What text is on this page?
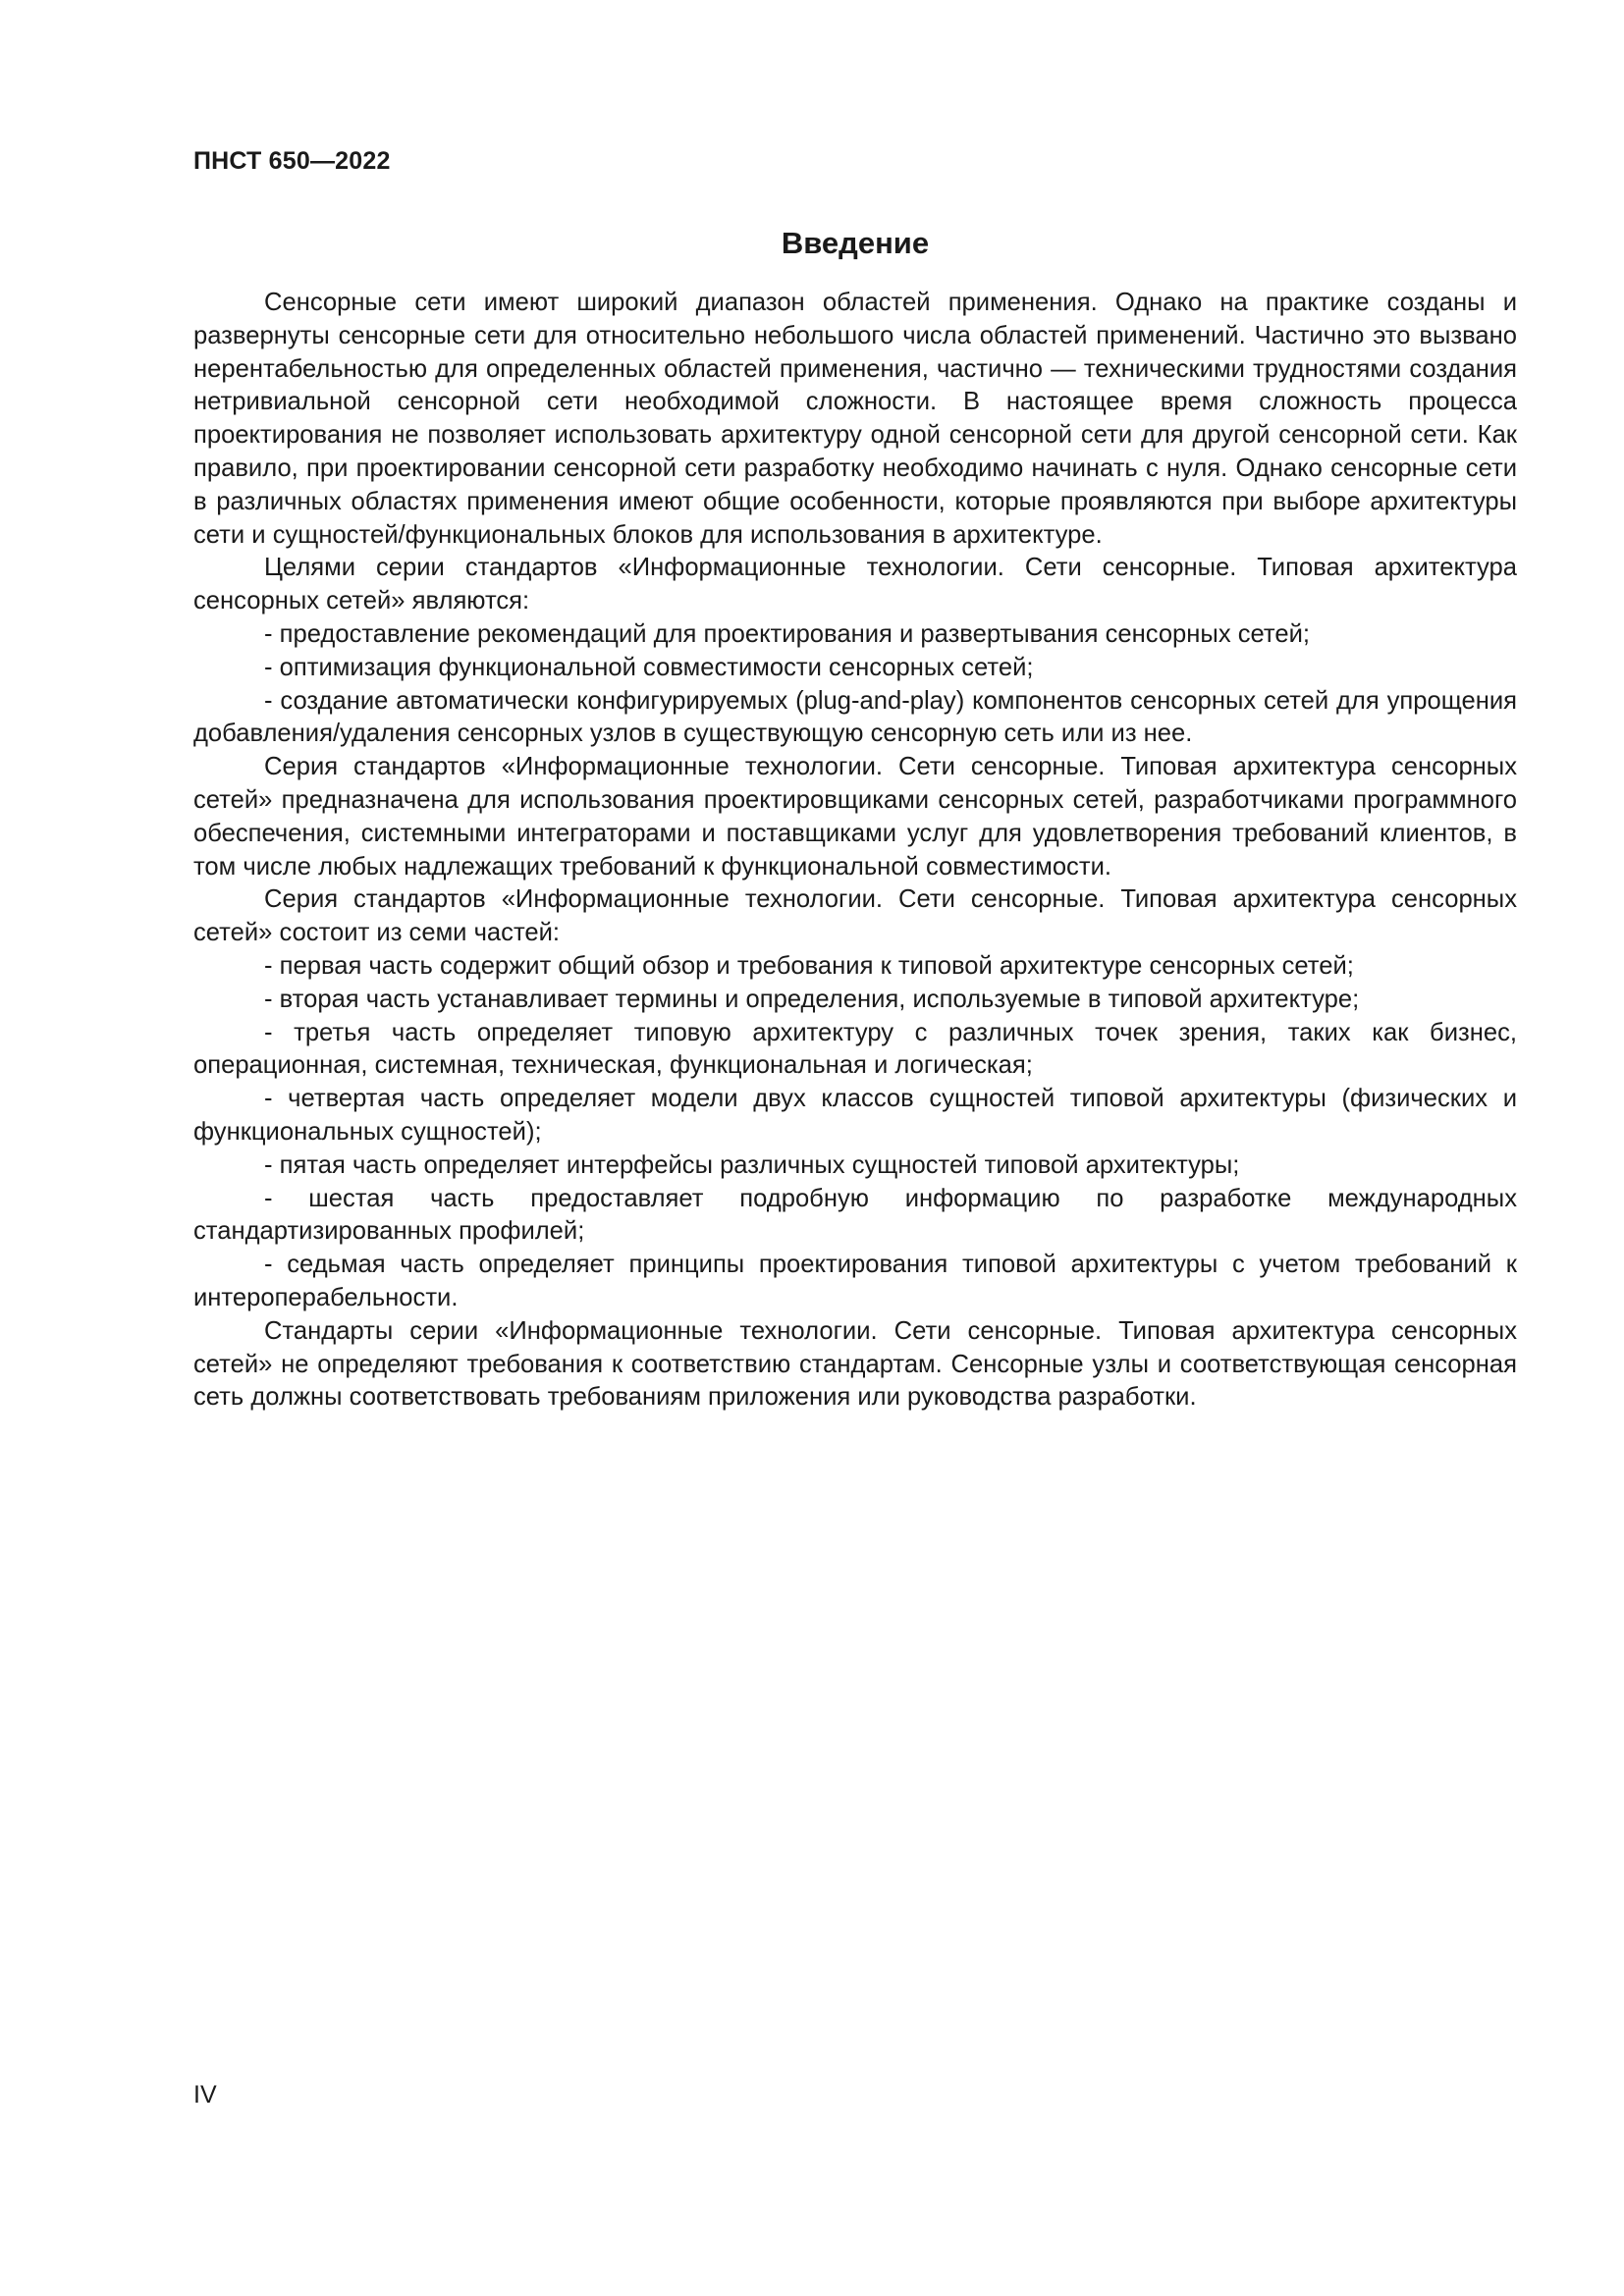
ПНСТ 650—2022
Введение

Сенсорные сети имеют широкий диапазон областей применения. Однако на практике созданы и развернуты сенсорные сети для относительно небольшого числа областей применений. Частично это вызвано нерентабельностью для определенных областей применения, частично — техническими трудностями создания нетривиальной сенсорной сети необходимой сложности. В настоящее время сложность процесса проектирования не позволяет использовать архитектуру одной сенсорной сети для другой сенсорной сети. Как правило, при проектировании сенсорной сети разработку необходимо начинать с нуля. Однако сенсорные сети в различных областях применения имеют общие особенности, которые проявляются при выборе архитектуры сети и сущностей/функциональных блоков для использования в архитектуре.

Целями серии стандартов «Информационные технологии. Сети сенсорные. Типовая архитектура сенсорных сетей» являются:

- предоставление рекомендаций для проектирования и развертывания сенсорных сетей;

- оптимизация функциональной совместимости сенсорных сетей;

- создание автоматически конфигурируемых (plug-and-play) компонентов сенсорных сетей для упрощения добавления/удаления сенсорных узлов в существующую сенсорную сеть или из нее.

Серия стандартов «Информационные технологии. Сети сенсорные. Типовая архитектура сенсорных сетей» предназначена для использования проектировщиками сенсорных сетей, разработчиками программного обеспечения, системными интеграторами и поставщиками услуг для удовлетворения требований клиентов, в том числе любых надлежащих требований к функциональной совместимости.

Серия стандартов «Информационные технологии. Сети сенсорные. Типовая архитектура сенсорных сетей» состоит из семи частей:

- первая часть содержит общий обзор и требования к типовой архитектуре сенсорных сетей;

- вторая часть устанавливает термины и определения, используемые в типовой архитектуре;

- третья часть определяет типовую архитектуру с различных точек зрения, таких как бизнес, операционная, системная, техническая, функциональная и логическая;

- четвертая часть определяет модели двух классов сущностей типовой архитектуры (физических и функциональных сущностей);

- пятая часть определяет интерфейсы различных сущностей типовой архитектуры;

- шестая часть предоставляет подробную информацию по разработке международных стандартизированных профилей;

- седьмая часть определяет принципы проектирования типовой архитектуры с учетом требований к интероперабельности.

Стандарты серии «Информационные технологии. Сети сенсорные. Типовая архитектура сенсорных сетей» не определяют требования к соответствию стандартам. Сенсорные узлы и соответствующая сенсорная сеть должны соответствовать требованиям приложения или руководства разработки.

IV
